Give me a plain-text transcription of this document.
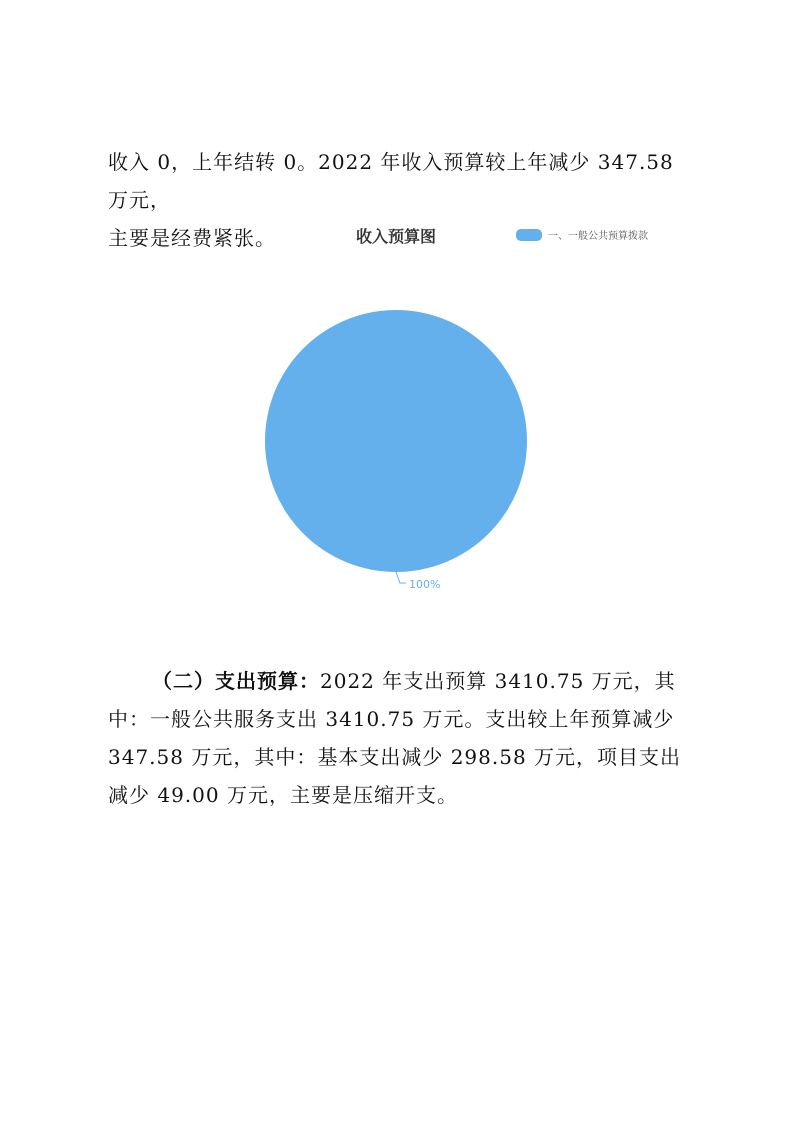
收入 0，上年结转 0。2022 年收入预算较上年减少 347.58 万元，
主要是经费紧张。	收入预算图	一、一般公共预算拨款
100%

（二）支出预算：2022 年支出预算 3410.75 万元，其中：一般公共服务支出 3410.75 万元。支出较上年预算减少 347.58 万元，其中：基本支出减少 298.58 万元，项目支出减少 49.00 万元，主要是压缩开支。
